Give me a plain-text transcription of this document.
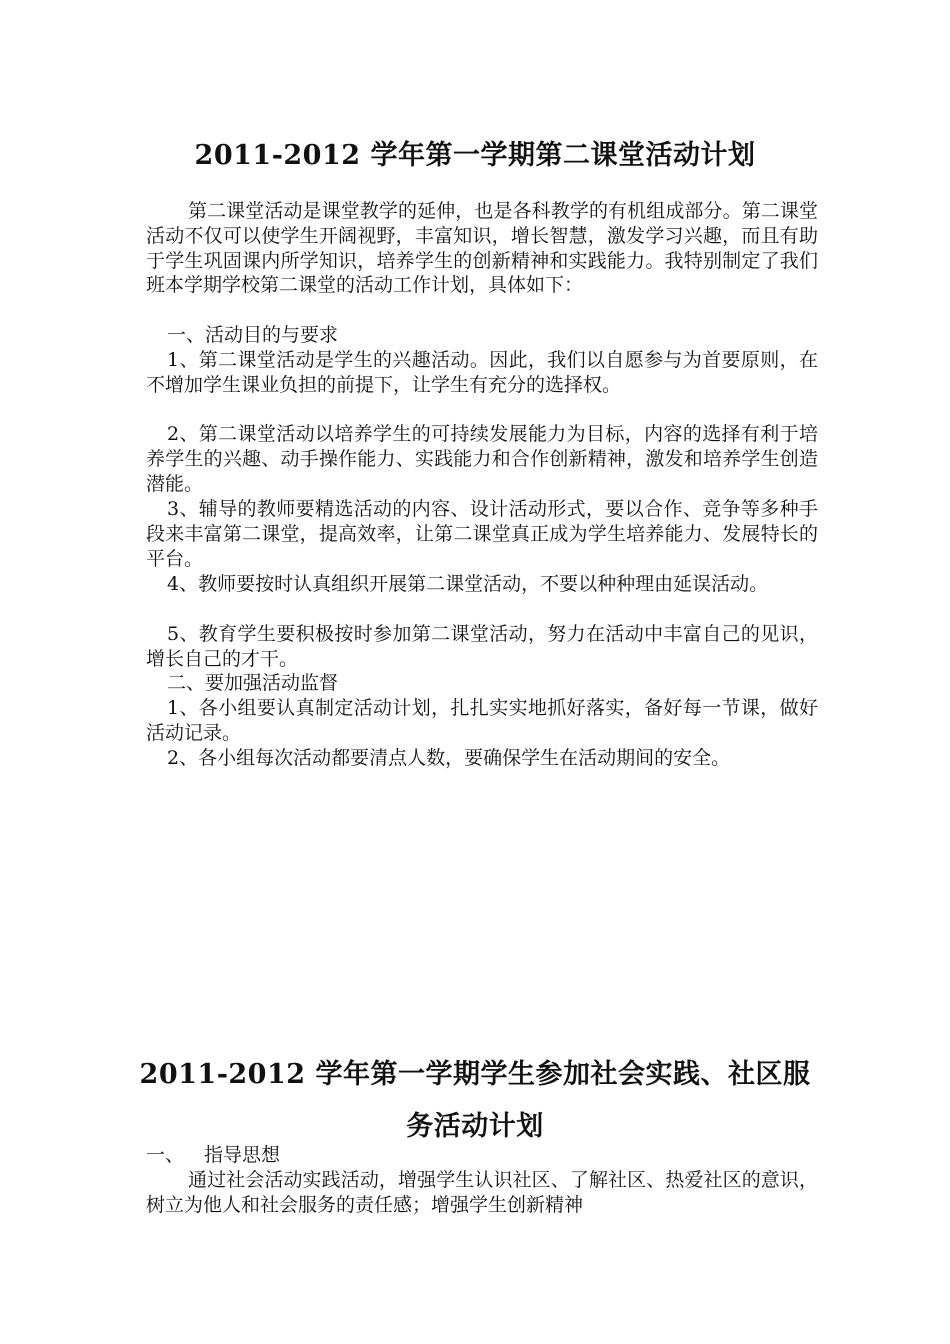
2011-2012 学年第一学期第二课堂活动计划

第二课堂活动是课堂教学的延伸，也是各科教学的有机组成部分。第二课堂活动不仅可以使学生开阔视野，丰富知识，增长智慧，激发学习兴趣，而且有助于学生巩固课内所学知识，培养学生的创新精神和实践能力。我特别制定了我们班本学期学校第二课堂的活动工作计划，具体如下：

一、活动目的与要求

1、第二课堂活动是学生的兴趣活动。因此，我们以自愿参与为首要原则，在不增加学生课业负担的前提下，让学生有充分的选择权。

2、第二课堂活动以培养学生的可持续发展能力为目标，内容的选择有利于培养学生的兴趣、动手操作能力、实践能力和合作创新精神，激发和培养学生创造潜能。

3、辅导的教师要精选活动的内容、设计活动形式，要以合作、竞争等多种手段来丰富第二课堂，提高效率，让第二课堂真正成为学生培养能力、发展特长的平台。

4、教师要按时认真组织开展第二课堂活动，不要以种种理由延误活动。

5、教育学生要积极按时参加第二课堂活动，努力在活动中丰富自己的见识，增长自己的才干。

二、要加强活动监督

1、各小组要认真制定活动计划，扎扎实实地抓好落实，备好每一节课，做好活动记录。

2、各小组每次活动都要清点人数，要确保学生在活动期间的安全。

2011-2012 学年第一学期学生参加社会实践、社区服
务活动计划

一、 指导思想

通过社会活动实践活动，增强学生认识社区、了解社区、热爱社区的意识，树立为他人和社会服务的责任感；增强学生创新精神
